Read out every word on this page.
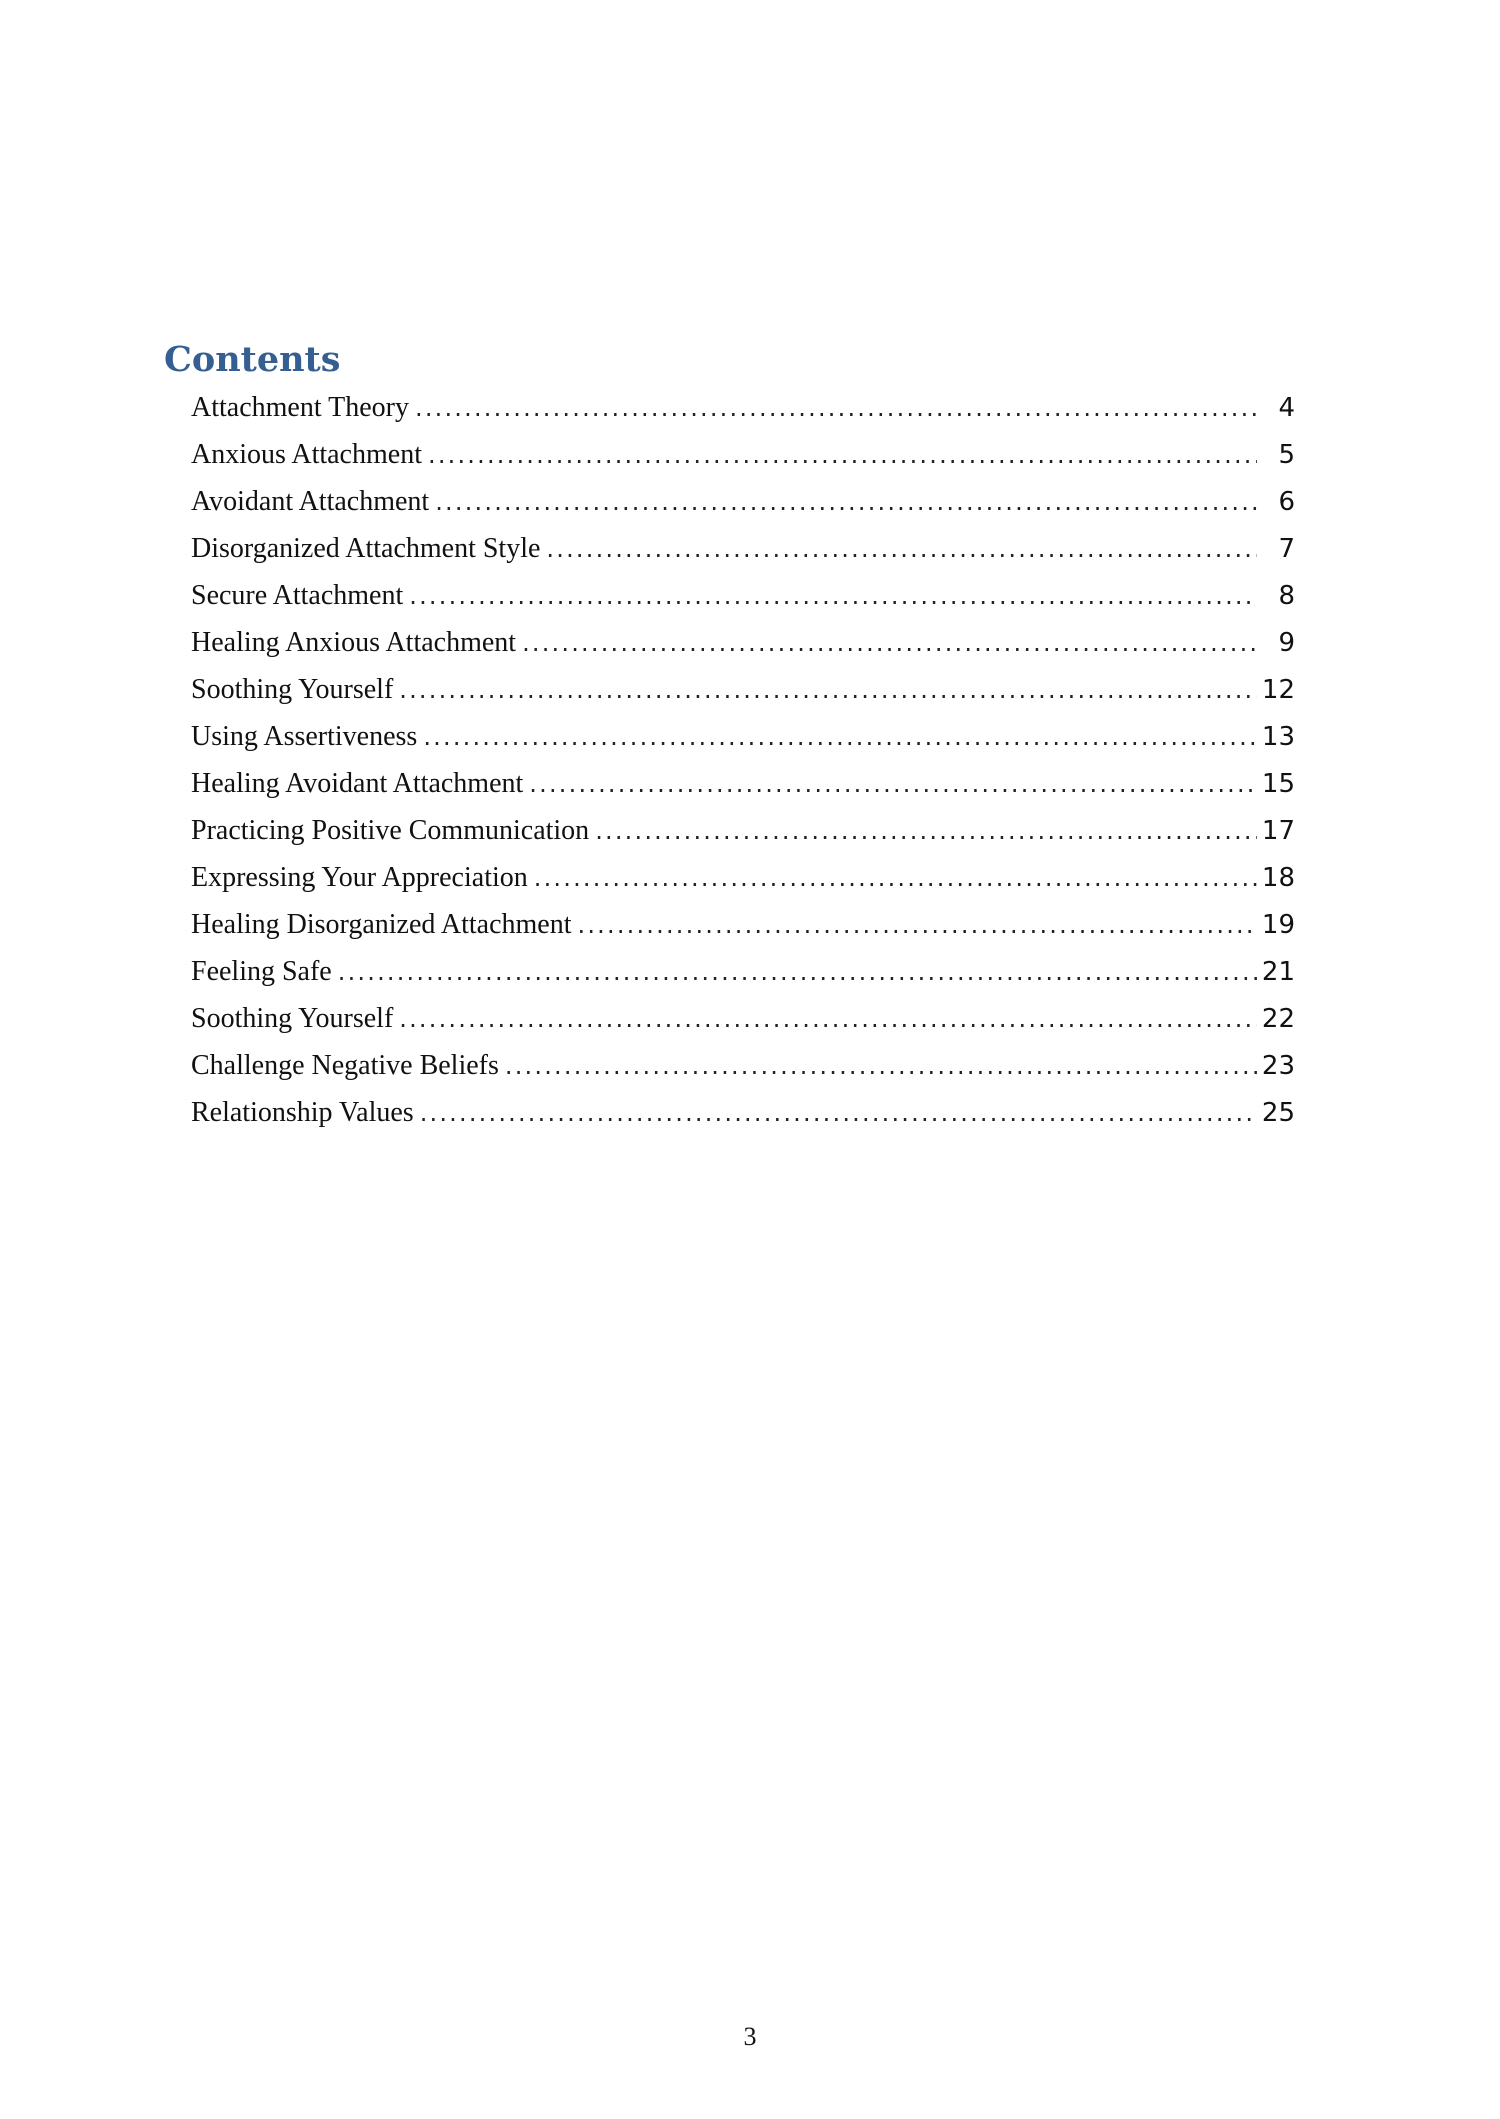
Contents
Attachment Theory .....	4
Anxious Attachment .....	5
Avoidant Attachment .....	6
Disorganized Attachment Style .....	7
Secure Attachment .....	8
Healing Anxious Attachment .....	9
Soothing Yourself .....	12
Using Assertiveness .....	13
Healing Avoidant Attachment .....	15
Practicing Positive Communication .....	17
Expressing Your Appreciation .....	18
Healing Disorganized Attachment .....	19
Feeling Safe .....	21
Soothing Yourself .....	22
Challenge Negative Beliefs .....	23
Relationship Values .....	25

3
